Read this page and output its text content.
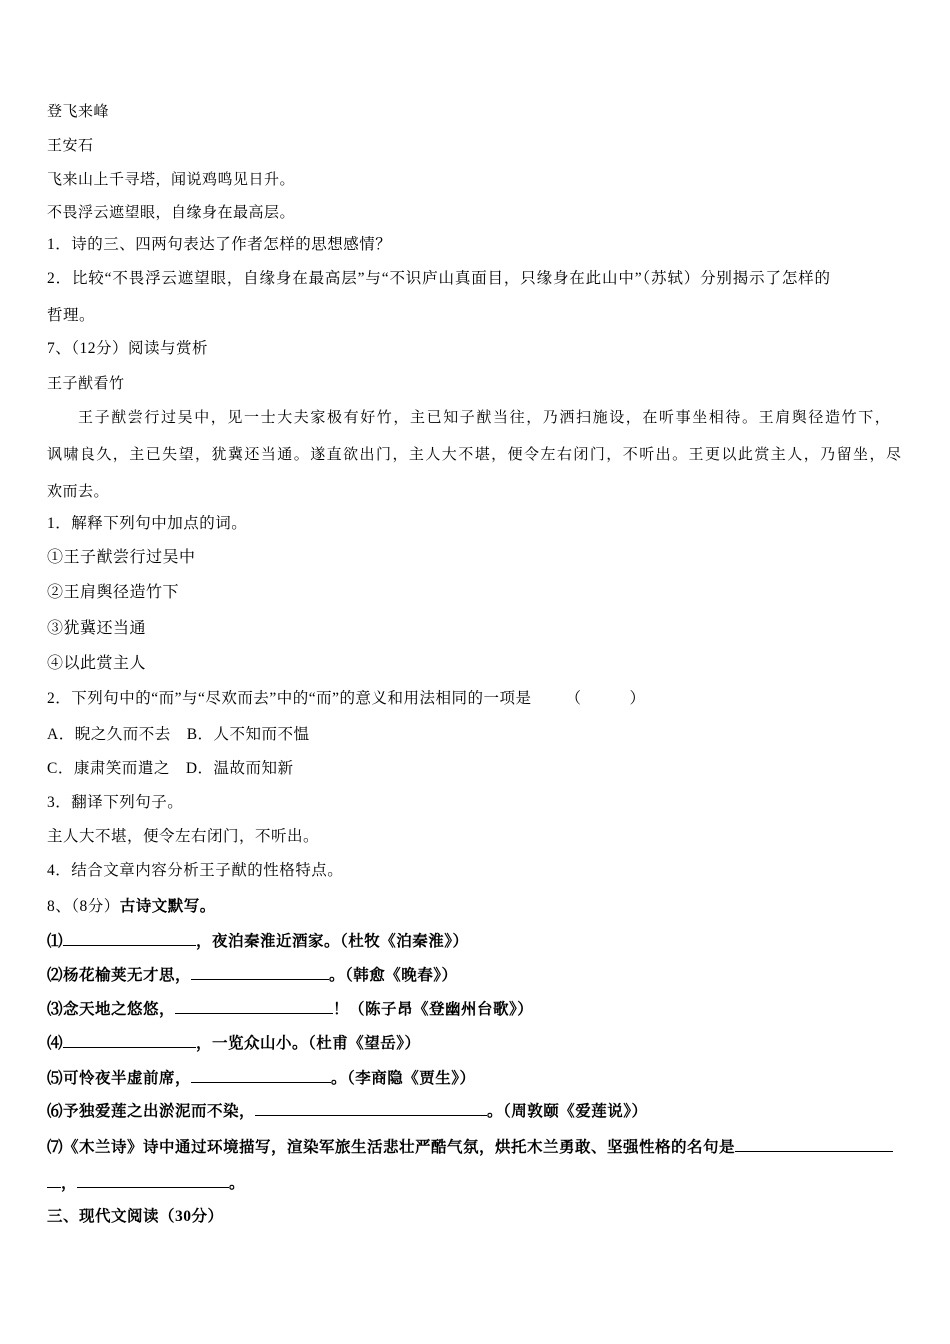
登飞来峰

王安石

飞来山上千寻塔，闻说鸡鸣见日升。

不畏浮云遮望眼，自缘身在最高层。

1．诗的三、四两句表达了作者怎样的思想感情？

2．比较“不畏浮云遮望眼，自缘身在最高层”与“不识庐山真面目，只缘身在此山中”（苏轼）分别揭示了怎样的

哲理。

7、（12分）阅读与赏析

王子猷看竹

王子猷尝行过吴中，见一士大夫家极有好竹，主已知子猷当往，乃洒扫施设，在听事坐相待。王肩舆径造竹下，

讽啸良久，主已失望，犹冀还当通。遂直欲出门，主人大不堪，便令左右闭门，不听出。王更以此赏主人，乃留坐，尽

欢而去。

1．解释下列句中加点的词。

①王子猷尝行过吴中

②王肩舆径造竹下

③犹冀还当通

④以此赏主人

2．下列句中的“而”与“尽欢而去”中的“而”的意义和用法相同的一项是 （　　　）

A．睨之久而不去　B．人不知而不愠

C．康肃笑而遣之　D．温故而知新

3．翻译下列句子。

主人大不堪，便令左右闭门，不听出。

4．结合文章内容分析王子猷的性格特点。

8、（8分）古诗文默写。

⑴	，夜泊秦淮近酒家。（杜牧《泊秦淮》）

⑵杨花榆荚无才思，	。（韩愈《晚春》）

⑶念天地之悠悠，	！（陈子昂《登幽州台歌》）

⑷	，一览众山小。（杜甫《望岳》）

⑸可怜夜半虚前席，	。（李商隐《贾生》）

⑹予独爱莲之出淤泥而不染，	。（周敦颐《爱莲说》）

⑺《木兰诗》诗中通过环境描写，渲染军旅生活悲壮严酷气氛，烘托木兰勇敢、坚强性格的名句是

，	。

三、现代文阅读（30分）
